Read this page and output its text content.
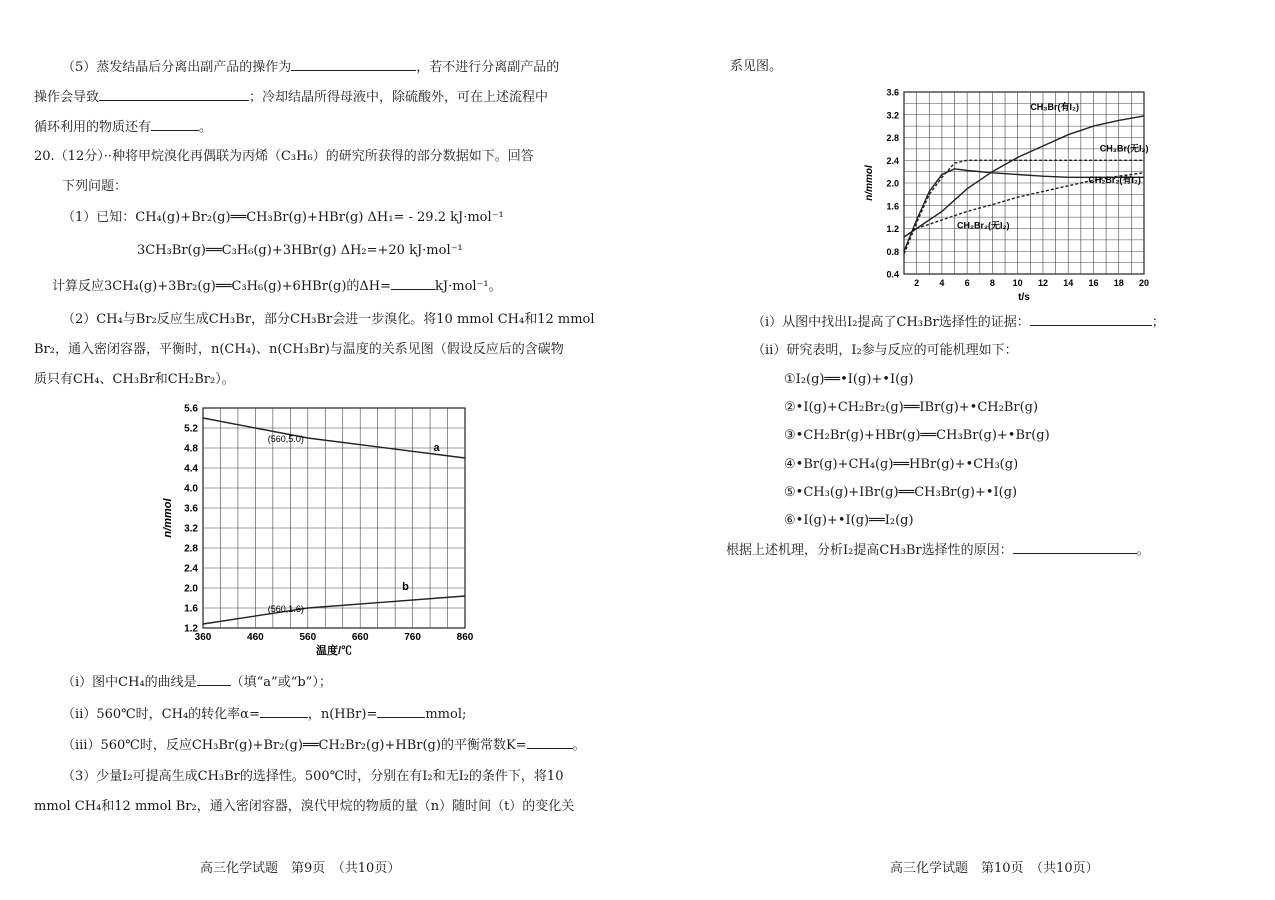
（5）蒸发结晶后分离出副产品的操作为	，若不进行分离副产品的
操作会导致	；冷却结晶所得母液中，除硫酸外，可在上述流程中
循环利用的物质还有	。
20.（12分）··种将甲烷溴化再偶联为丙烯（C₃H₆）的研究所获得的部分数据如下。回答
下列问题：
（1）已知：CH₄(g)+Br₂(g)══CH₃Br(g)+HBr(g) ΔH₁= - 29.2 kJ·mol⁻¹
3CH₃Br(g)══C₃H₆(g)+3HBr(g) ΔH₂=+20 kJ·mol⁻¹
计算反应3CH₄(g)+3Br₂(g)══C₃H₆(g)+6HBr(g)的ΔH=	kJ·mol⁻¹。
（2）CH₄与Br₂反应生成CH₃Br，部分CH₃Br会进一步溴化。将10 mmol CH₄和12 mmol
Br₂，通入密闭容器，平衡时，n(CH₄)、n(CH₃Br)与温度的关系见图（假设反应后的含碳物
质只有CH₄、CH₃Br和CH₂Br₂）。
360	460	560	660	760	860
1.2
1.6
2.0
2.4
2.8
3.2
3.6
4.0
4.4
4.8
5.2
5.6
温度/℃
n/mmol
(560,5.0)
(560,1.6)
a
b
（ⅰ）图中CH₄的曲线是	（填“a”或“b”）；
（ⅱ）560℃时，CH₄的转化率α=	，n(HBr)=	mmol;
（ⅲ）560℃时，反应CH₃Br(g)+Br₂(g)══CH₂Br₂(g)+HBr(g)的平衡常数K=	。
（3）少量I₂可提高生成CH₃Br的选择性。500℃时，分别在有I₂和无I₂的条件下，将10
mmol CH₄和12 mmol Br₂，通入密闭容器，溴代甲烷的物质的量（n）随时间（t）的变化关
高三化学试题　第9页　（共10页）
系见图。
2 4 6 8 10 12 14 16 18 20
0.4
0.8
1.2
1.6
2.0
2.4
2.8
3.2
3.6
t/s
n/mmol
CH₃Br(有I₂)
CH₃Br(无I₂)
CH₂Br₂(有I₂)
CH₂Br₂(无I₂)
（ⅰ）从图中找出I₂提高了CH₃Br选择性的证据：	；
（ⅱ）研究表明，I₂参与反应的可能机理如下：
①I₂(g)══•I(g)+•I(g)
②•I(g)+CH₂Br₂(g)══IBr(g)+•CH₂Br(g)
③•CH₂Br(g)+HBr(g)══CH₃Br(g)+•Br(g)
④•Br(g)+CH₄(g)══HBr(g)+•CH₃(g)
⑤•CH₃(g)+IBr(g)══CH₃Br(g)+•I(g)
⑥•I(g)+•I(g)══I₂(g)
根据上述机理，分析I₂提高CH₃Br选择性的原因：	。
高三化学试题　第10页　（共10页）
